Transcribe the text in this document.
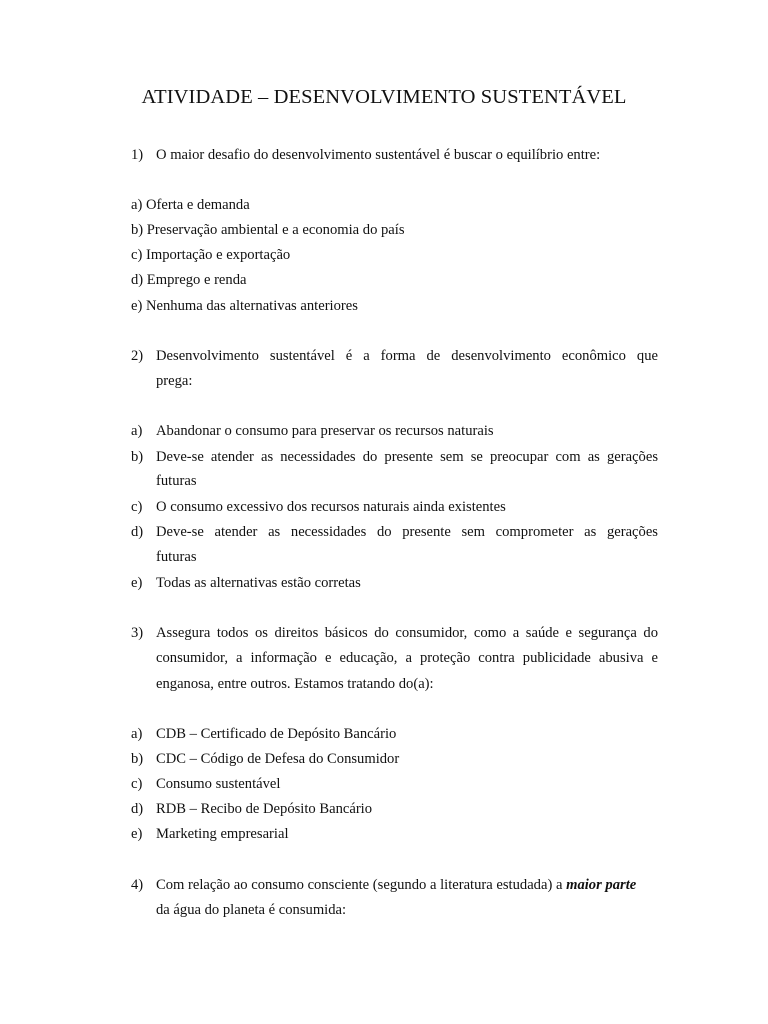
ATIVIDADE – DESENVOLVIMENTO SUSTENTÁVEL
1) O maior desafio do desenvolvimento sustentável é buscar o equilíbrio entre:
a) Oferta e demanda
b) Preservação ambiental e a economia do país
c) Importação e exportação
d) Emprego e renda
e) Nenhuma das alternativas anteriores
2) Desenvolvimento sustentável é a forma de desenvolvimento econômico que
prega:
a) Abandonar o consumo para preservar os recursos naturais
b) Deve-se atender as necessidades do presente sem se preocupar com as gerações
futuras
c) O consumo excessivo dos recursos naturais ainda existentes
d) Deve-se atender as necessidades do presente sem comprometer as gerações
futuras
e) Todas as alternativas estão corretas
3) Assegura todos os direitos básicos do consumidor, como a saúde e segurança do
consumidor, a informação e educação, a proteção contra publicidade abusiva e
enganosa, entre outros. Estamos tratando do(a):
a) CDB – Certificado de Depósito Bancário
b) CDC – Código de Defesa do Consumidor
c) Consumo sustentável
d) RDB – Recibo de Depósito Bancário
e) Marketing empresarial
4) Com relação ao consumo consciente (segundo a literatura estudada) a maior parte
da água do planeta é consumida:
